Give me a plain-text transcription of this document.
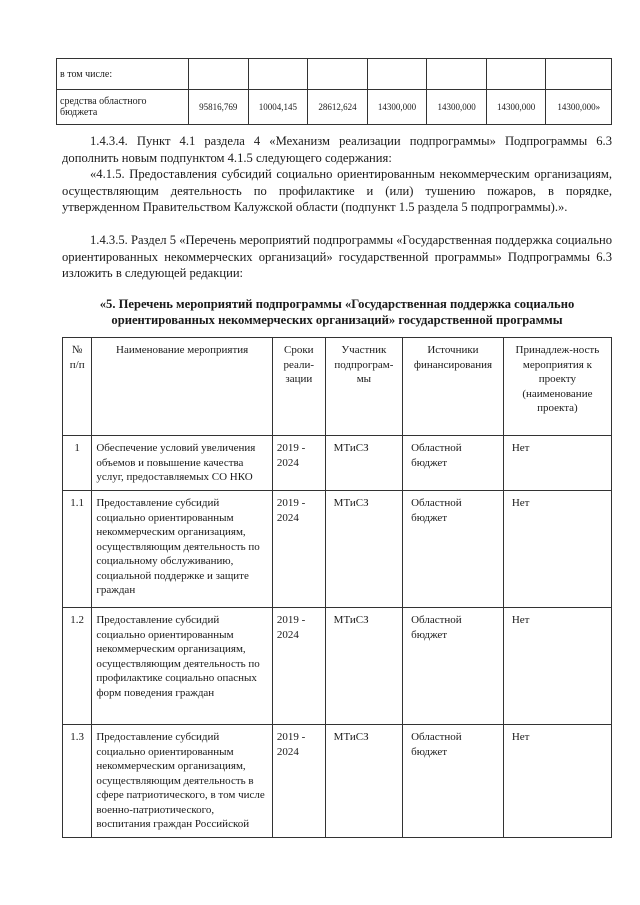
в том числе:							
средства областного бюджета	95816,769	10004,145	28612,624	14300,000	14300,000	14300,000	14300,000»

1.4.3.4. Пункт 4.1 раздела 4 «Механизм реализации подпрограммы» Подпрограммы 6.3 дополнить новым подпунктом 4.1.5 следующего содержания:

«4.1.5. Предоставления субсидий социально ориентированным некоммерческим организациям, осуществляющим деятельность по профилактике и (или) тушению пожаров, в порядке, утвержденном Правительством Калужской области (подпункт 1.5 раздела 5 подпрограммы).».

1.4.3.5. Раздел 5 «Перечень мероприятий подпрограммы «Государственная поддержка социально ориентированных некоммерческих организаций» государственной программы» Подпрограммы 6.3 изложить в следующей редакции:

«5. Перечень мероприятий подпрограммы «Государственная поддержка социально ориентированных некоммерческих организаций» государственной программы

№ п/п	Наименование мероприятия	Сроки реали-зации	Участник подпрограм-мы	Источники финансирования	Принадлеж-ность мероприятия к проекту (наименование проекта)
1	Обеспечение условий увеличения объемов и повышение качества услуг, предоставляемых СО НКО	2019 - 2024	МТиСЗ	Областной бюджет	Нет
1.1	Предоставление субсидий социально ориентированным некоммерческим организациям, осуществляющим деятельность по социальному обслуживанию, социальной поддержке и защите граждан	2019 - 2024	МТиСЗ	Областной бюджет	Нет
1.2	Предоставление субсидий социально ориентированным некоммерческим организациям, осуществляющим деятельность по профилактике социально опасных форм поведения граждан	2019 - 2024	МТиСЗ	Областной бюджет	Нет
1.3	Предоставление субсидий социально ориентированным некоммерческим организациям, осуществляющим деятельность в сфере патриотического, в том числе военно-патриотического, воспитания граждан Российской	2019 - 2024	МТиСЗ	Областной бюджет	Нет
